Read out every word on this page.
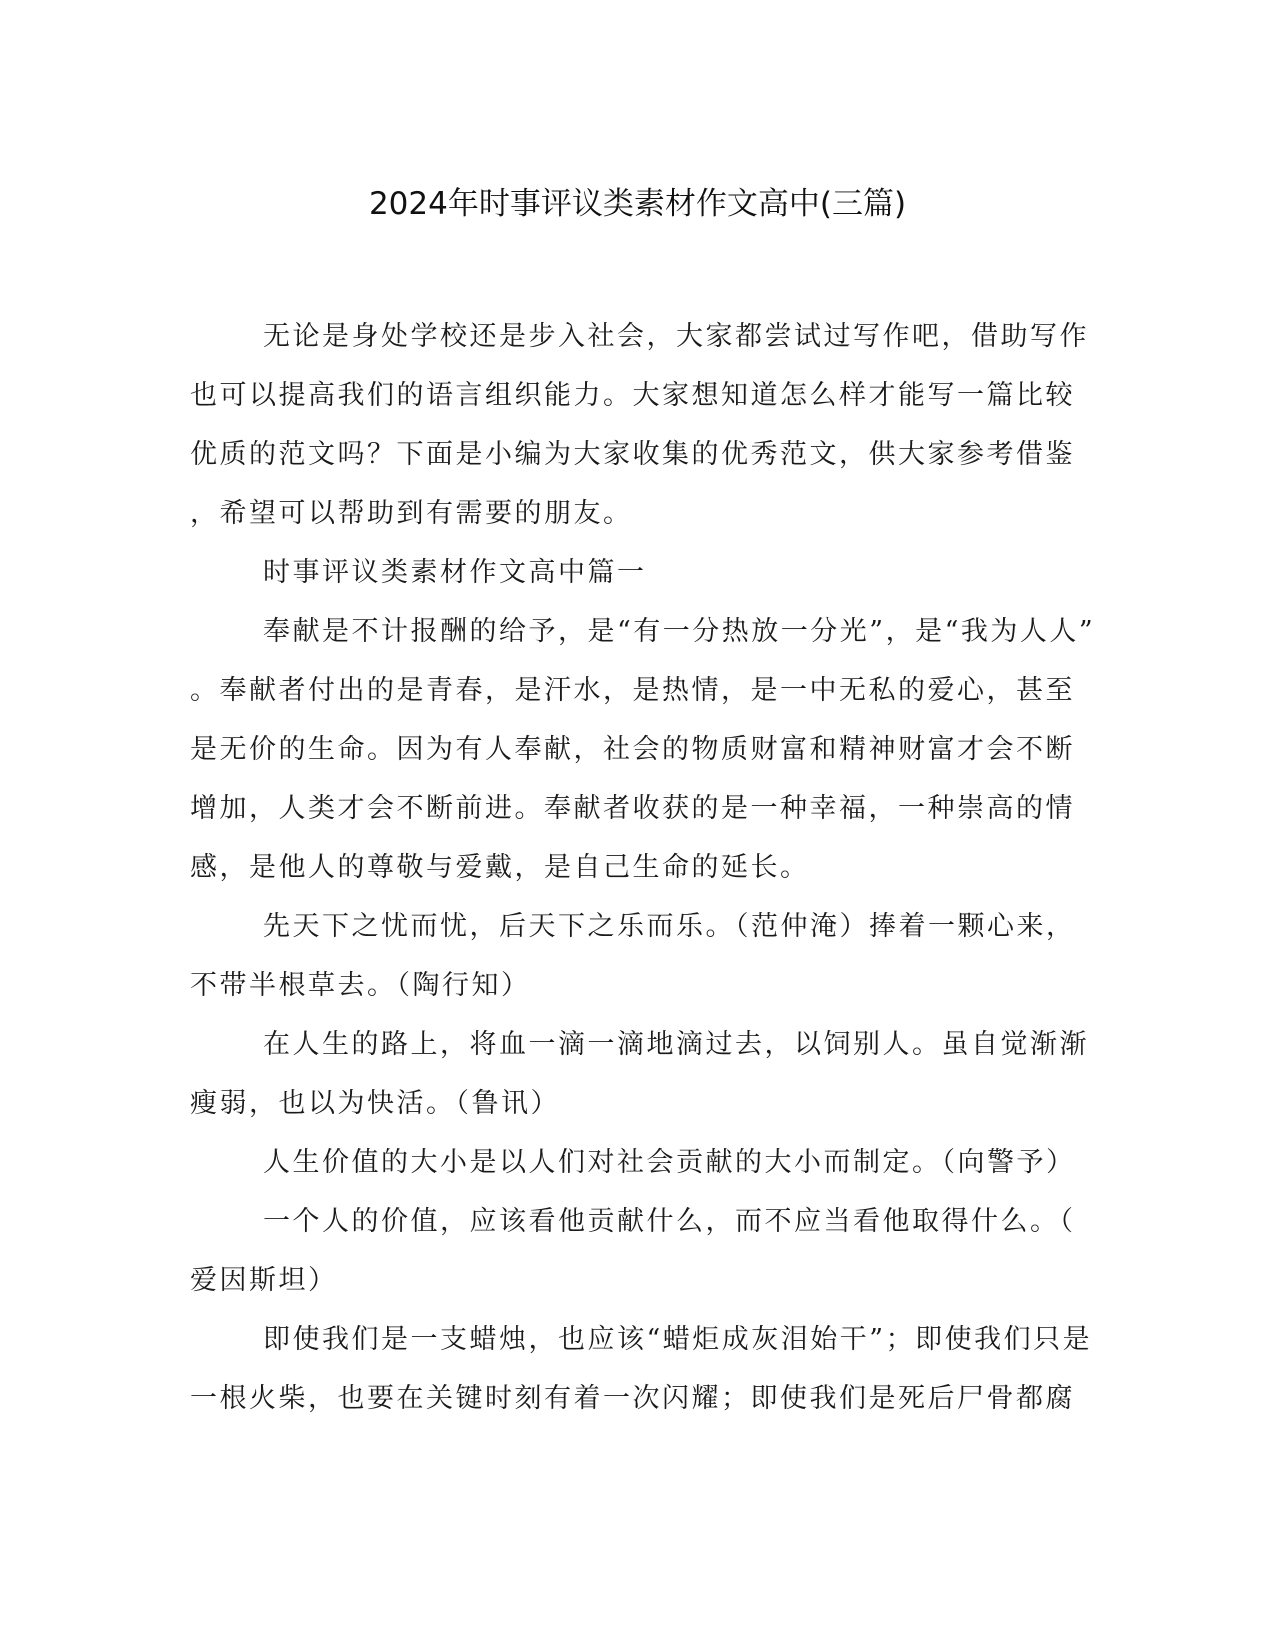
2024年时事评议类素材作文高中(三篇)

无论是身处学校还是步入社会，大家都尝试过写作吧，借助写作

也可以提高我们的语言组织能力。大家想知道怎么样才能写一篇比较

优质的范文吗？下面是小编为大家收集的优秀范文，供大家参考借鉴

，希望可以帮助到有需要的朋友。

时事评议类素材作文高中篇一

奉献是不计报酬的给予，是“有一分热放一分光”，是“我为人人”

。奉献者付出的是青春，是汗水，是热情，是一中无私的爱心，甚至

是无价的生命。因为有人奉献，社会的物质财富和精神财富才会不断

增加，人类才会不断前进。奉献者收获的是一种幸福，一种崇高的情

感，是他人的尊敬与爱戴，是自己生命的延长。

先天下之忧而忧，后天下之乐而乐。（范仲淹）捧着一颗心来，

不带半根草去。（陶行知）

在人生的路上，将血一滴一滴地滴过去，以饲别人。虽自觉渐渐

瘦弱，也以为快活。（鲁讯）

人生价值的大小是以人们对社会贡献的大小而制定。（向警予）

一个人的价值，应该看他贡献什么，而不应当看他取得什么。（

爱因斯坦）

即使我们是一支蜡烛，也应该“蜡炬成灰泪始干”；即使我们只是

一根火柴，也要在关键时刻有着一次闪耀；即使我们是死后尸骨都腐
